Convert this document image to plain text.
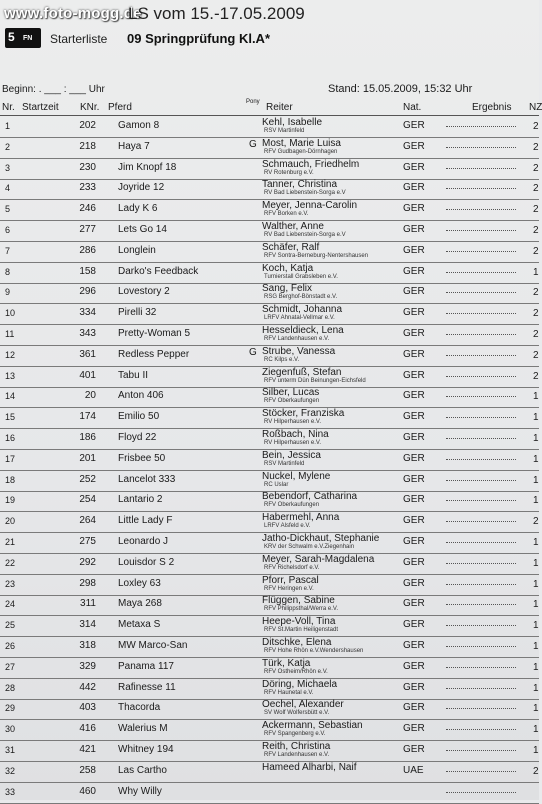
www.foto-mogg.de
LS vom 15.-17.05.2009
5 FN Starterliste 09 Springprüfung Kl.A*
Beginn: . ___ : ___ Uhr	Stand: 15.05.2009, 15:32 Uhr
Nr. Startzeit KNr. Pferd	Pony Reiter	Nat.	Ergebnis NZ
1	202 Gamon 8	Kehl, Isabelle
RSV Martinfeld	GER	2
2	218 Haya 7	G Most, Marie Luisa
RFV Gudbagen-Dörnhagen	GER	2
3	230 Jim Knopf 18	Schmauch, Friedhelm
RV Rotenburg e.V.	GER	2
4	233 Joyride 12	Tanner, Christina
RV Bad Liebenstein-Sorga e.V	GER	2
5	246 Lady K 6	Meyer, Jenna-Carolin
RFV Borken e.V.	GER	2
6	277 Lets Go 14	Walther, Anne
RV Bad Liebenstein-Sorga e.V	GER	2
7	286 Longlein	Schäfer, Ralf
RFV Sontra-Berneburg-Nentershausen	GER	2
8	158 Darko's Feedback	Koch, Katja
Turnierstall Grabsleben e.V.	GER	1
9	296 Lovestory 2	Sang, Felix
RSG Berghof-Bönstadt e.V.	GER	2
10	334 Pirelli 32	Schmidt, Johanna
LRFV Ahnatal-Vellmar e.V.	GER	2
11	343 Pretty-Woman 5	Hesseldieck, Lena
RFV Landenhausen e.V.	GER	2
12	361 Redless Pepper	G Strube, Vanessa
RC Kilps e.V.	GER	2
13	401 Tabu II	Ziegenfuß, Stefan
RFV unterm Dün Beinungen-Eichsfeld	GER	2
14	20 Anton 406	Silber, Lucas
RFV Oberkaufungen	GER	1
15	174 Emilio 50	Stöcker, Franziska
RV Hilperhausen e.V.	GER	1
16	186 Floyd 22	Roßbach, Nina
RV Hilperhausen e.V.	GER	1
17	201 Frisbee 50	Bein, Jessica
RSV Martinfeld	GER	1
18	252 Lancelot 333	Nuckel, Mylene
RC Uslar	GER	1
19	254 Lantario 2	Bebendorf, Catharina
RFV Oberkaufungen	GER	1
20	264 Little Lady F	Habermehl, Anna
LRFV Alsfeld e.V.	GER	2
21	275 Leonardo J	Jatho-Dickhaut, Stephanie
KRV der Schwalm e.V.Ziegenhain	GER	1
22	292 Louisdor S 2	Meyer, Sarah-Magdalena
RFV Richelsdorf e.V.	GER	1
23	298 Loxley 63	Pforr, Pascal
RFV Heringen e.V.	GER	1
24	311 Maya 268	Flüggen, Sabine
RFV Philippsthal/Werra e.V.	GER	1
25	314 Metaxa S	Heepe-Voll, Tina
RFV St.Martin Heiligenstadt	GER	1
26	318 MW Marco-San	Ditschke, Elena
RFV Hohe Rhön e.V.Wendershausen	GER	1
27	329 Panama 117	Türk, Katja
RFV Ostheim/Rhön e.V.	GER	1
28	442 Rafinesse 11	Döring, Michaela
RFV Haunetal e.V.	GER	1
29	403 Thacorda	Oechel, Alexander
SV Wolf Wolfersbütt e.V.	GER	1
30	416 Walerius M	Ackermann, Sebastian
RFV Spangenberg e.V.	GER	1
31	421 Whitney 194	Reith, Christina
RFV Landenhausen e.V.	GER	1
32	258 Las Cartho	Hameed Alharbi, Naif	UAE	2
33	460 Why Willy
